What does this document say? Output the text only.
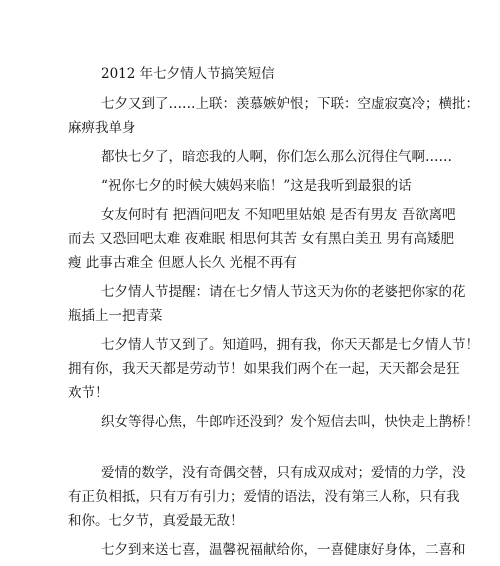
2012 年七夕情人节搞笑短信
七夕又到了……上联：羡慕嫉妒恨；下联：空虚寂寞冷；横批：
麻痹我单身
都快七夕了，暗恋我的人啊，你们怎么那么沉得住气啊……
“祝你七夕的时候大姨妈来临！”这是我听到最狠的话
女友何时有 把酒问吧友 不知吧里姑娘 是否有男友 吾欲离吧
而去 又恐回吧太难 夜难眠 相思何其苦 女有黑白美丑 男有高矮肥
瘦 此事古难全 但愿人长久 光棍不再有
七夕情人节提醒：请在七夕情人节这天为你的老婆把你家的花
瓶插上一把青菜
七夕情人节又到了。知道吗，拥有我，你天天都是七夕情人节！
拥有你，我天天都是劳动节！如果我们两个在一起，天天都会是狂
欢节！
织女等得心焦，牛郎咋还没到？发个短信去叫，快快走上鹊桥！
爱情的数学，没有奇偶交替，只有成双成对；爱情的力学，没
有正负相抵，只有万有引力；爱情的语法，没有第三人称，只有我
和你。七夕节，真爱最无敌！
七夕到来送七喜，温馨祝福献给你，一喜健康好身体，二喜和
